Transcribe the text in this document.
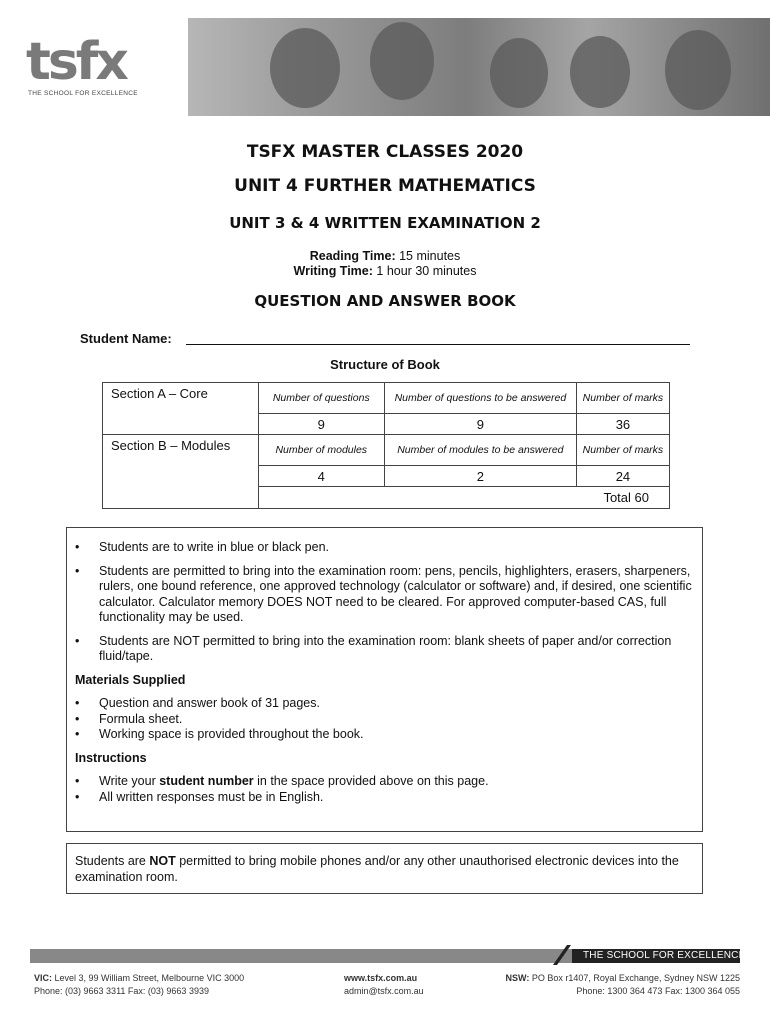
tsfx
THE SCHOOL FOR EXCELLENCE
TSFX MASTER CLASSES 2020
UNIT 4 FURTHER MATHEMATICS
UNIT 3 & 4 WRITTEN EXAMINATION 2
Reading Time: 15 minutes
Writing Time: 1 hour 30 minutes
QUESTION AND ANSWER BOOK
Student Name:
Structure of Book
Section A – Core	Number of questions	Number of questions to be answered	Number of marks
	9	9	36
Section B – Modules	Number of modules	Number of modules to be answered	Number of marks
	4	2	24
	Total 60		
• Students are to write in blue or black pen.
• Students are permitted to bring into the examination room: pens, pencils, highlighters, erasers, sharpeners, rulers, one bound reference, one approved technology (calculator or software) and, if desired, one scientific calculator. Calculator memory DOES NOT need to be cleared. For approved computer-based CAS, full functionality may be used.
• Students are NOT permitted to bring into the examination room: blank sheets of paper and/or correction fluid/tape.
Materials Supplied
• Question and answer book of 31 pages.
• Formula sheet.
• Working space is provided throughout the book.
Instructions
• Write your student number in the space provided above on this page.
• All written responses must be in English.
Students are NOT permitted to bring mobile phones and/or any other unauthorised electronic devices into the examination room.
THE SCHOOL FOR EXCELLENCE
VIC: Level 3, 99 William Street, Melbourne VIC 3000
Phone: (03) 9663 3311 Fax: (03) 9663 3939
www.tsfx.com.au
admin@tsfx.com.au
NSW: PO Box r1407, Royal Exchange, Sydney NSW 1225
Phone: 1300 364 473 Fax: 1300 364 055
